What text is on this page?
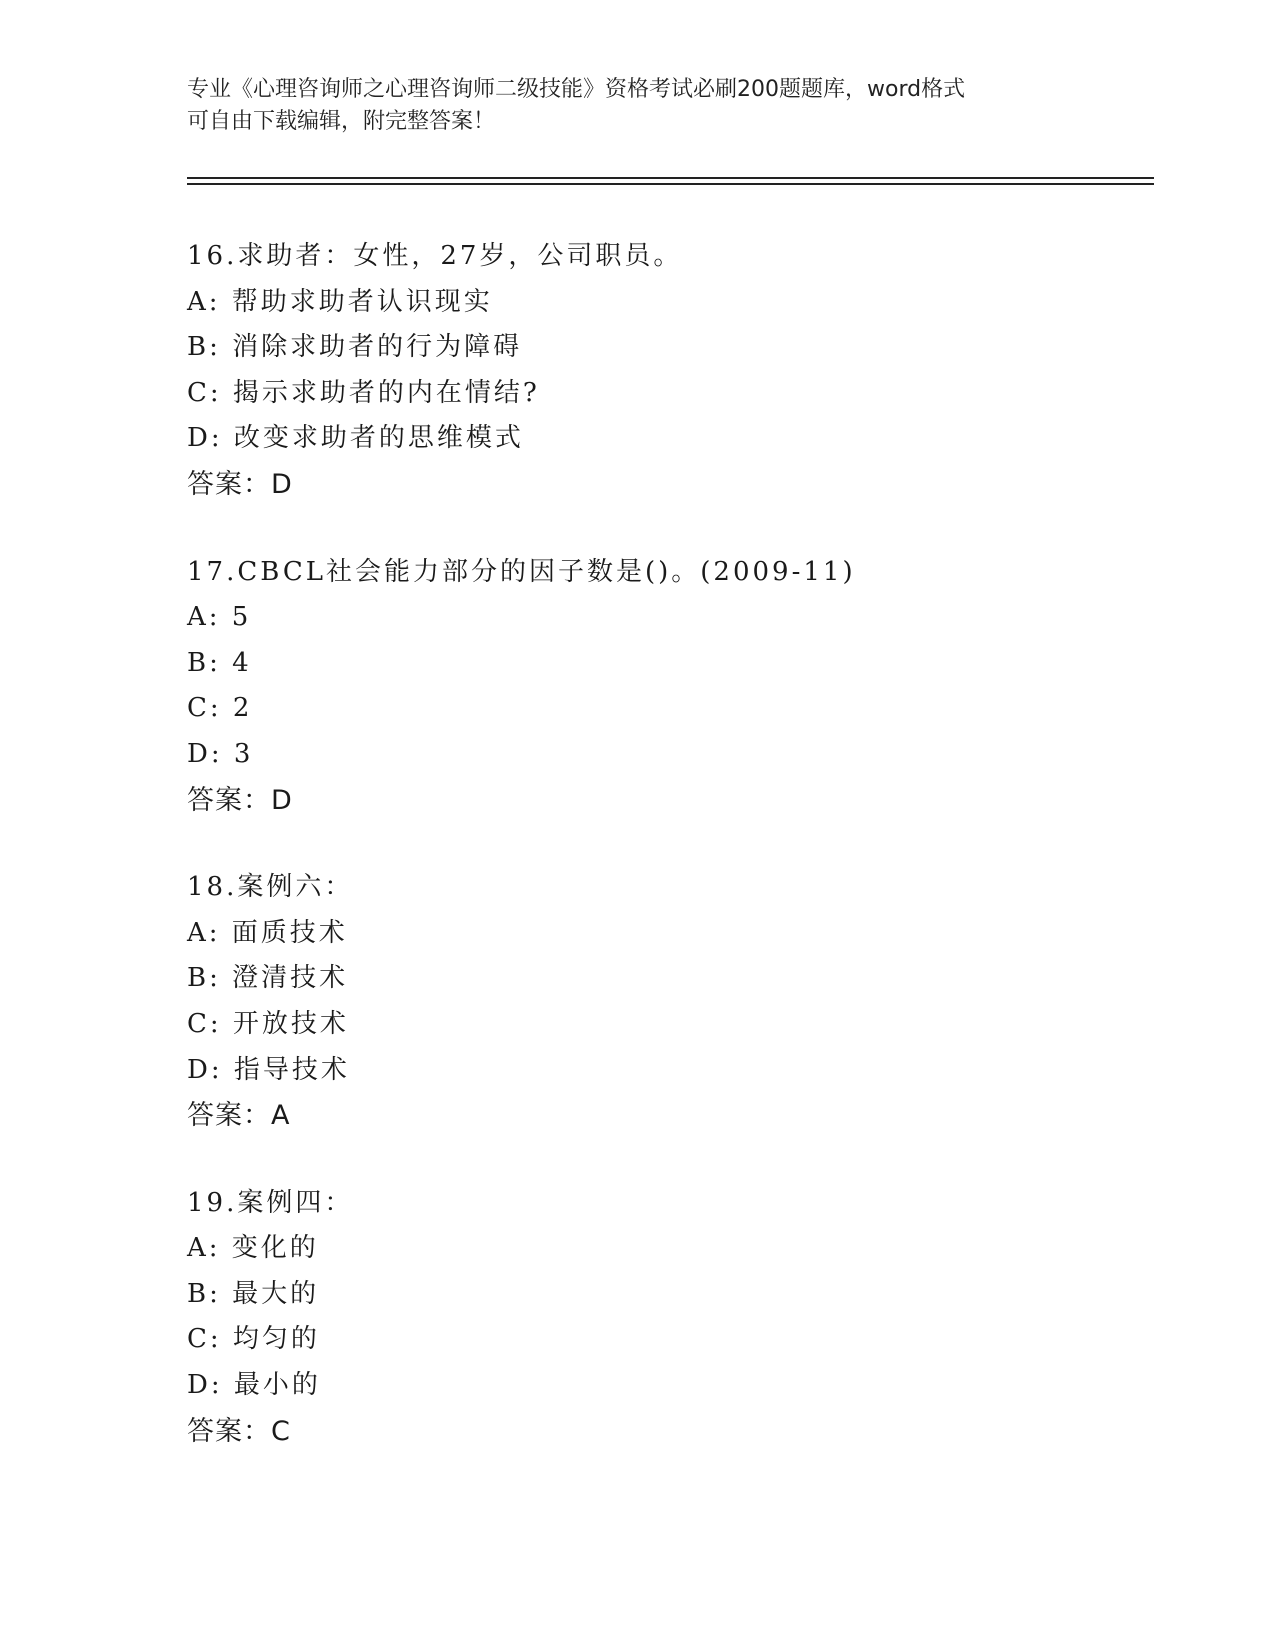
专业《心理咨询师之心理咨询师二级技能》资格考试必刷200题题库，word格式
可自由下载编辑，附完整答案！
16.求助者：女性，27岁，公司职员。
A: 帮助求助者认识现实
B: 消除求助者的行为障碍
C: 揭示求助者的内在情结?
D: 改变求助者的思维模式
答案：D
17.CBCL社会能力部分的因子数是()。(2009-11)
A: 5
B: 4
C: 2
D: 3
答案：D
18.案例六：
A: 面质技术
B: 澄清技术
C: 开放技术
D: 指导技术
答案：A
19.案例四：
A: 变化的
B: 最大的
C: 均匀的
D: 最小的
答案：C
